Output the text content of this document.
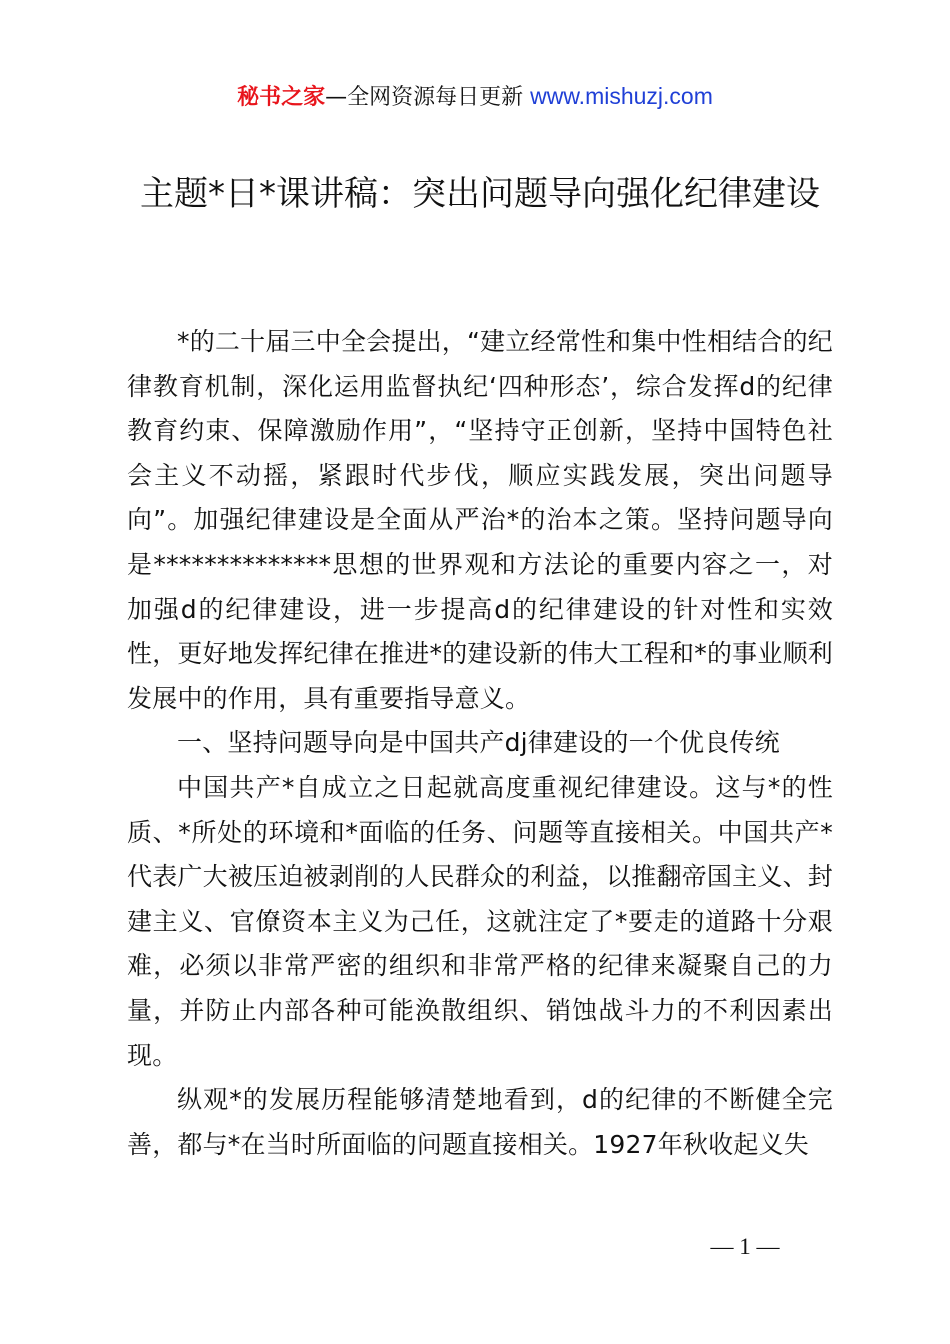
秘书之家—全网资源每日更新 www.mishuzj.com
主题*日*课讲稿：突出问题导向强化纪律建设

*的二十届三中全会提出，“建立经常性和集中性相结合的纪律教育机制，深化运用监督执纪‘四种形态’，综合发挥d的纪律教育约束、保障激励作用”，“坚持守正创新，坚持中国特色社会主义不动摇，紧跟时代步伐，顺应实践发展，突出问题导向”。加强纪律建设是全面从严治*的治本之策。坚持问题导向是**************思想的世界观和方法论的重要内容之一，对加强d的纪律建设，进一步提高d的纪律建设的针对性和实效性，更好地发挥纪律在推进*的建设新的伟大工程和*的事业顺利发展中的作用，具有重要指导意义。

一、坚持问题导向是中国共产dj律建设的一个优良传统

中国共产*自成立之日起就高度重视纪律建设。这与*的性质、*所处的环境和*面临的任务、问题等直接相关。中国共产*代表广大被压迫被剥削的人民群众的利益，以推翻帝国主义、封建主义、官僚资本主义为己任，这就注定了*要走的道路十分艰难，必须以非常严密的组织和非常严格的纪律来凝聚自己的力量，并防止内部各种可能涣散组织、销蚀战斗力的不利因素出现。

纵观*的发展历程能够清楚地看到，d的纪律的不断健全完善，都与*在当时所面临的问题直接相关。1927年秋收起义失

— 1 —
